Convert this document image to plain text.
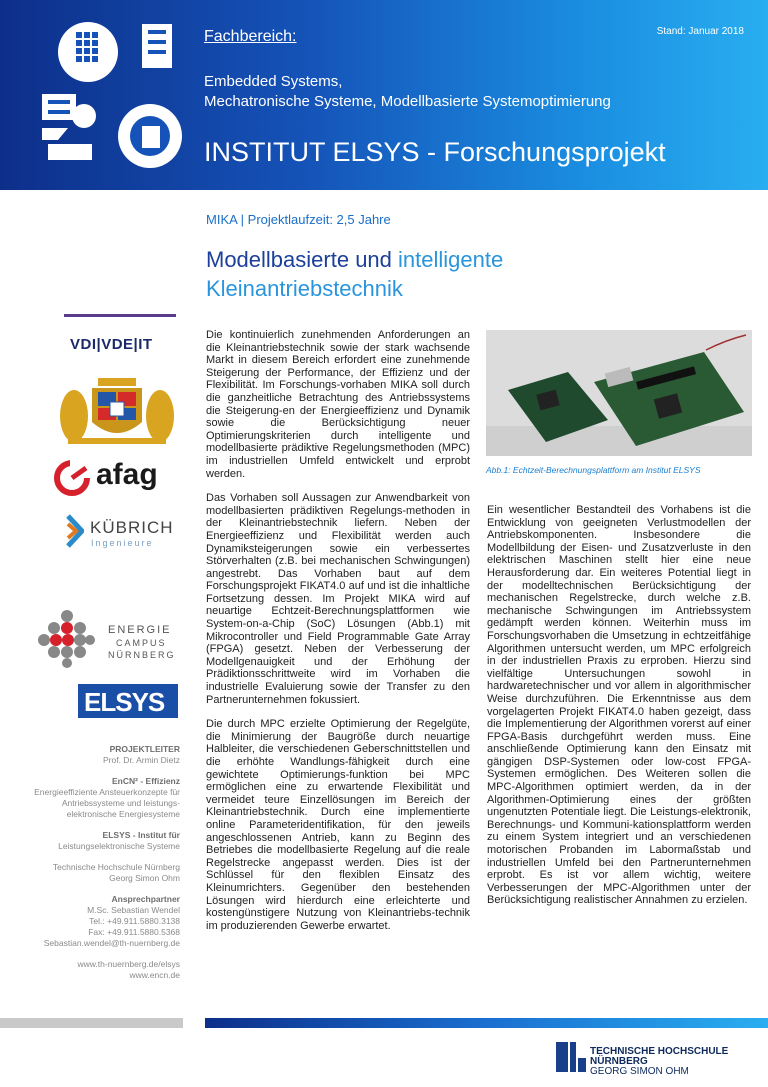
Fachbereich:	Stand: Januar 2018
Embedded Systems,
Mechatronische Systeme, Modellbasierte Systemoptimierung
INSTITUT ELSYS - Forschungsprojekt
MIKA | Projektlaufzeit: 2,5 Jahre
Modellbasierte und intelligente
Kleinantriebstechnik
VDI|VDE|IT
afag
KÜBRICH
Ingenieure
ENERGIE
CAMPUS
NÜRNBERG
ELSYS
PROJEKTLEITER
Prof. Dr. Armin Dietz
EnCN² - Effizienz
Energieeffiziente Ansteuerkonzepte für
Antriebssysteme und leistungs-
elektronische Energiesysteme
ELSYS - Institut für
Leistungselektronische Systeme
Technische Hochschule Nürnberg
Georg Simon Ohm
Ansprechpartner
M.Sc. Sebastian Wendel
Tel.: +49.911.5880.3138
Fax: +49.911.5880.5368
Sebastian.wendel@th-nuernberg.de
www.th-nuernberg.de/elsys
www.encn.de

Die kontinuierlich zunehmenden Anforderungen an die Kleinantriebstechnik sowie der stark wachsende Markt in diesem Bereich erfordert eine zunehmende Steigerung der Performance, der Effizienz und der Flexibilität. Im Forschungs-vorhaben MIKA soll durch die ganzheitliche Betrachtung des Antriebssystems die Steigerung-en der Energieeffizienz und Dynamik sowie die Berücksichtigung neuer Optimierungskriterien durch intelligente und modellbasierte prädiktive Regelungsmethoden (MPC) im industriellen Umfeld entwickelt und erprobt werden.

Das Vorhaben soll Aussagen zur Anwendbarkeit von modellbasierten prädiktiven Regelungs-methoden in der Kleinantriebstechnik liefern. Neben der Energieeffizienz und Flexibilität werden auch Dynamiksteigerungen sowie ein verbessertes Störverhalten (z.B. bei mechanischen Schwingungen) angestrebt. Das Vorhaben baut auf dem Forschungsprojekt FIKAT4.0 auf und ist die inhaltliche Fortsetzung dessen. Im Projekt MIKA wird auf neuartige Echtzeit-Berechnungsplattformen wie System-on-a-Chip (SoC) Lösungen (Abb.1) mit Mikrocontroller und Field Programmable Gate Array (FPGA) gesetzt. Neben der Verbesserung der Modellgenauigkeit und der Erhöhung der Prädiktionsschrittweite wird im Vorhaben die industrielle Evaluierung sowie der Transfer zu den Partnerunternehmen fokussiert.

Die durch MPC erzielte Optimierung der Regelgüte, die Minimierung der Baugröße durch neuartige Halbleiter, die verschiedenen Geberschnittstellen und die erhöhte Wandlungs-fähigkeit durch eine gewichtete Optimierungs-funktion bei MPC ermöglichen eine zu erwartende Flexibilität und vermeidet teure Einzellösungen im Bereich der Kleinantriebstechnik. Durch eine implementierte online Parameteridentifikation, für den jeweils angeschlossenen Antrieb, kann zu Beginn des Betriebes die modellbasierte Regelung auf die reale Regelstrecke angepasst werden. Dies ist der Schlüssel für den flexiblen Einsatz des Kleinumrichters. Gegenüber den bestehenden Lösungen wird hierdurch eine erleichterte und kostengünstigere Nutzung von Kleinantriebs-technik im produzierenden Gewerbe erwartet.

Abb.1: Echtzeit-Berechnungsplattform am Institut ELSYS

Ein wesentlicher Bestandteil des Vorhabens ist die Entwicklung von geeigneten Verlustmodellen der Antriebskomponenten. Insbesondere die Modellbildung der Eisen- und Zusatzverluste in den elektrischen Maschinen stellt hier eine neue Herausforderung dar. Ein weiteres Potential liegt in der modelltechnischen Berücksichtigung der mechanischen Regelstrecke, durch welche z.B. mechanische Schwingungen im Antriebssystem gedämpft werden können. Weiterhin muss im Forschungsvorhaben die Umsetzung in echtzeitfähige Algorithmen untersucht werden, um MPC erfolgreich in der industriellen Praxis zu erproben. Hierzu sind vielfältige Untersuchungen sowohl in hardwaretechnischer und vor allem in algorithmischer Weise durchzuführen. Die Erkenntnisse aus dem vorgelagerten Projekt FIKAT4.0 haben gezeigt, dass die Implementierung der Algorithmen vorerst auf einer FPGA-Basis durchgeführt werden muss. Eine anschließende Optimierung kann den Einsatz mit gängigen DSP-Systemen oder low-cost FPGA-Systemen ermöglichen. Des Weiteren sollen die MPC-Algorithmen optimiert werden, da in der Algorithmen-Optimierung eines der größten ungenutzten Potentiale liegt. Die Leistungs-elektronik, Berechnungs- und Kommuni-kationsplattform werden zu einem System integriert und an verschiedenen motorischen Probanden im Labormaßstab und industriellen Umfeld bei den Partnerunternehmen erprobt. Es ist vor allem wichtig, weitere Verbesserungen der MPC-Algorithmen unter der Berücksichtigung realistischer Annahmen zu erzielen.

TECHNISCHE HOCHSCHULE NÜRNBERG
GEORG SIMON OHM
